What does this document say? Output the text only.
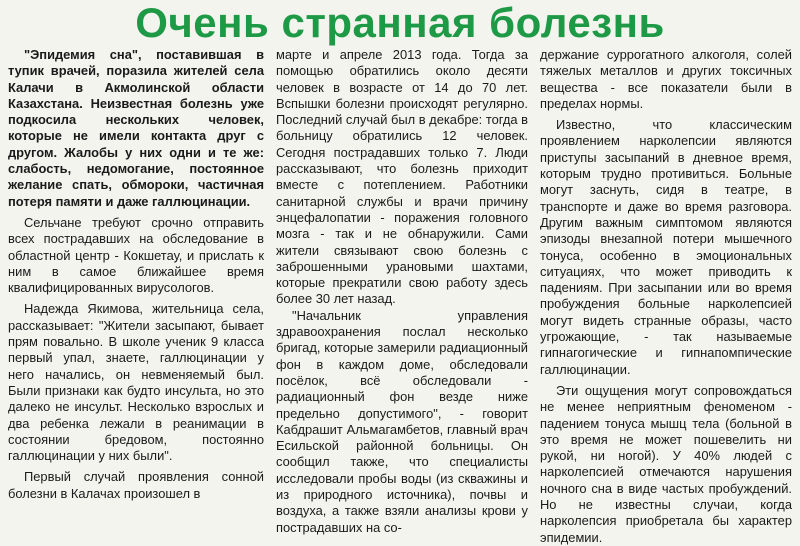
Очень странная болезнь

"Эпидемия сна", поставившая в тупик врачей, поразила жителей села Калачи в Акмолинской области Казахстана. Неизвестная болезнь уже подкосила нескольких человек, которые не имели контакта друг с другом. Жалобы у них одни и те же: слабость, недомогание, постоянное желание спать, обмороки, частичная потеря памяти и даже галлюцинации.

Сельчане требуют срочно отправить всех пострадавших на обследование в областной центр - Кокшетау, и прислать к ним в самое ближайшее время квалифицированных вирусологов.

Надежда Якимова, жительница села, рассказывает: "Жители засыпают, бывает прям повально. В школе ученик 9 класса первый упал, знаете, галлюцинации у него начались, он невменяемый был. Были признаки как будто инсульта, но это далеко не инсульт. Несколько взрослых и два ребенка лежали в реанимации в состоянии бредовом, постоянно галлюцинации у них были".

Первый случай проявления сонной болезни в Калачах произошел в

марте и апреле 2013 года. Тогда за помощью обратились около десяти человек в возрасте от 14 до 70 лет. Вспышки болезни происходят регулярно. Последний случай был в декабре: тогда в больницу обратились 12 человек. Сегодня пострадавших только 7. Люди рассказывают, что болезнь приходит вместе с потеплением. Работники санитарной службы и врачи причину энцефалопатии - поражения головного мозга - так и не обнаружили. Сами жители связывают свою болезнь с заброшенными урановыми шахтами, которые прекратили свою работу здесь более 30 лет назад.

"Начальник управления здравоохранения послал несколько бригад, которые замерили радиационный фон в каждом доме, обследовали посёлок, всё обследовали - радиационный фон везде ниже предельно допустимого", - говорит Кабдрашит Альмагамбетов, главный врач Есильской районной больницы. Он сообщил также, что специалисты исследовали пробы воды (из скважины и из природного источника), почвы и воздуха, а также взяли анализы крови у пострадавших на со-

держание суррогатного алкоголя, солей тяжелых металлов и других токсичных вещества - все показатели были в пределах нормы.

Известно, что классическим проявлением нарколепсии являются приступы засыпаний в дневное время, которым трудно противиться. Больные могут заснуть, сидя в театре, в транспорте и даже во время разговора. Другим важным симптомом являются эпизоды внезапной потери мышечного тонуса, особенно в эмоциональных ситуациях, что может приводить к падениям. При засыпании или во время пробуждения больные нарколепсией могут видеть странные образы, часто угрожающие, - так называемые гипнагогические и гипнапомпические галлюцинации.

Эти ощущения могут сопровождаться не менее неприятным феноменом - падением тонуса мышц тела (больной в это время не может пошевелить ни рукой, ни ногой). У 40% людей с нарколепсией отмечаются нарушения ночного сна в виде частых пробуждений. Но не известны случаи, когда нарколепсия приобретала бы характер эпидемии.
